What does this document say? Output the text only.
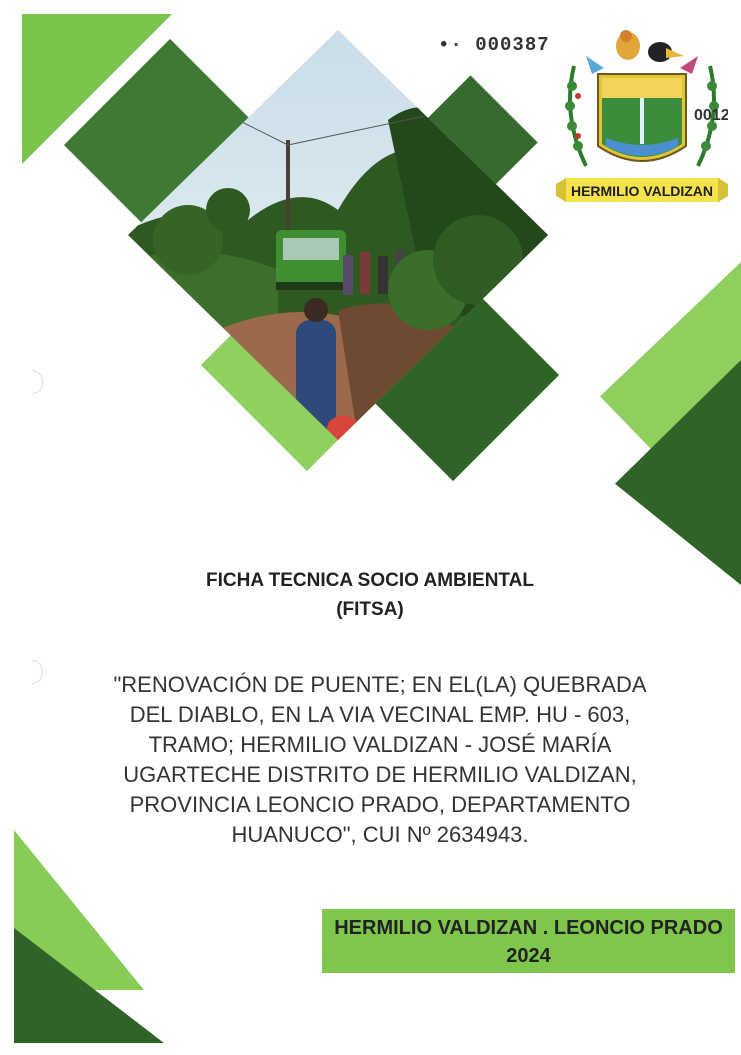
•· 000387
HERMILIO VALDIZAN
0012
FICHA TECNICA SOCIO AMBIENTAL
(FITSA)
"RENOVACIÓN DE PUENTE; EN EL(LA) QUEBRADA
DEL DIABLO, EN LA VIA VECINAL EMP. HU - 603,
TRAMO; HERMILIO VALDIZAN - JOSÉ MARÍA
UGARTECHE DISTRITO DE HERMILIO VALDIZAN,
PROVINCIA LEONCIO PRADO, DEPARTAMENTO
HUANUCO", CUI Nº 2634943.
HERMILIO VALDIZAN . LEONCIO PRADO
2024
